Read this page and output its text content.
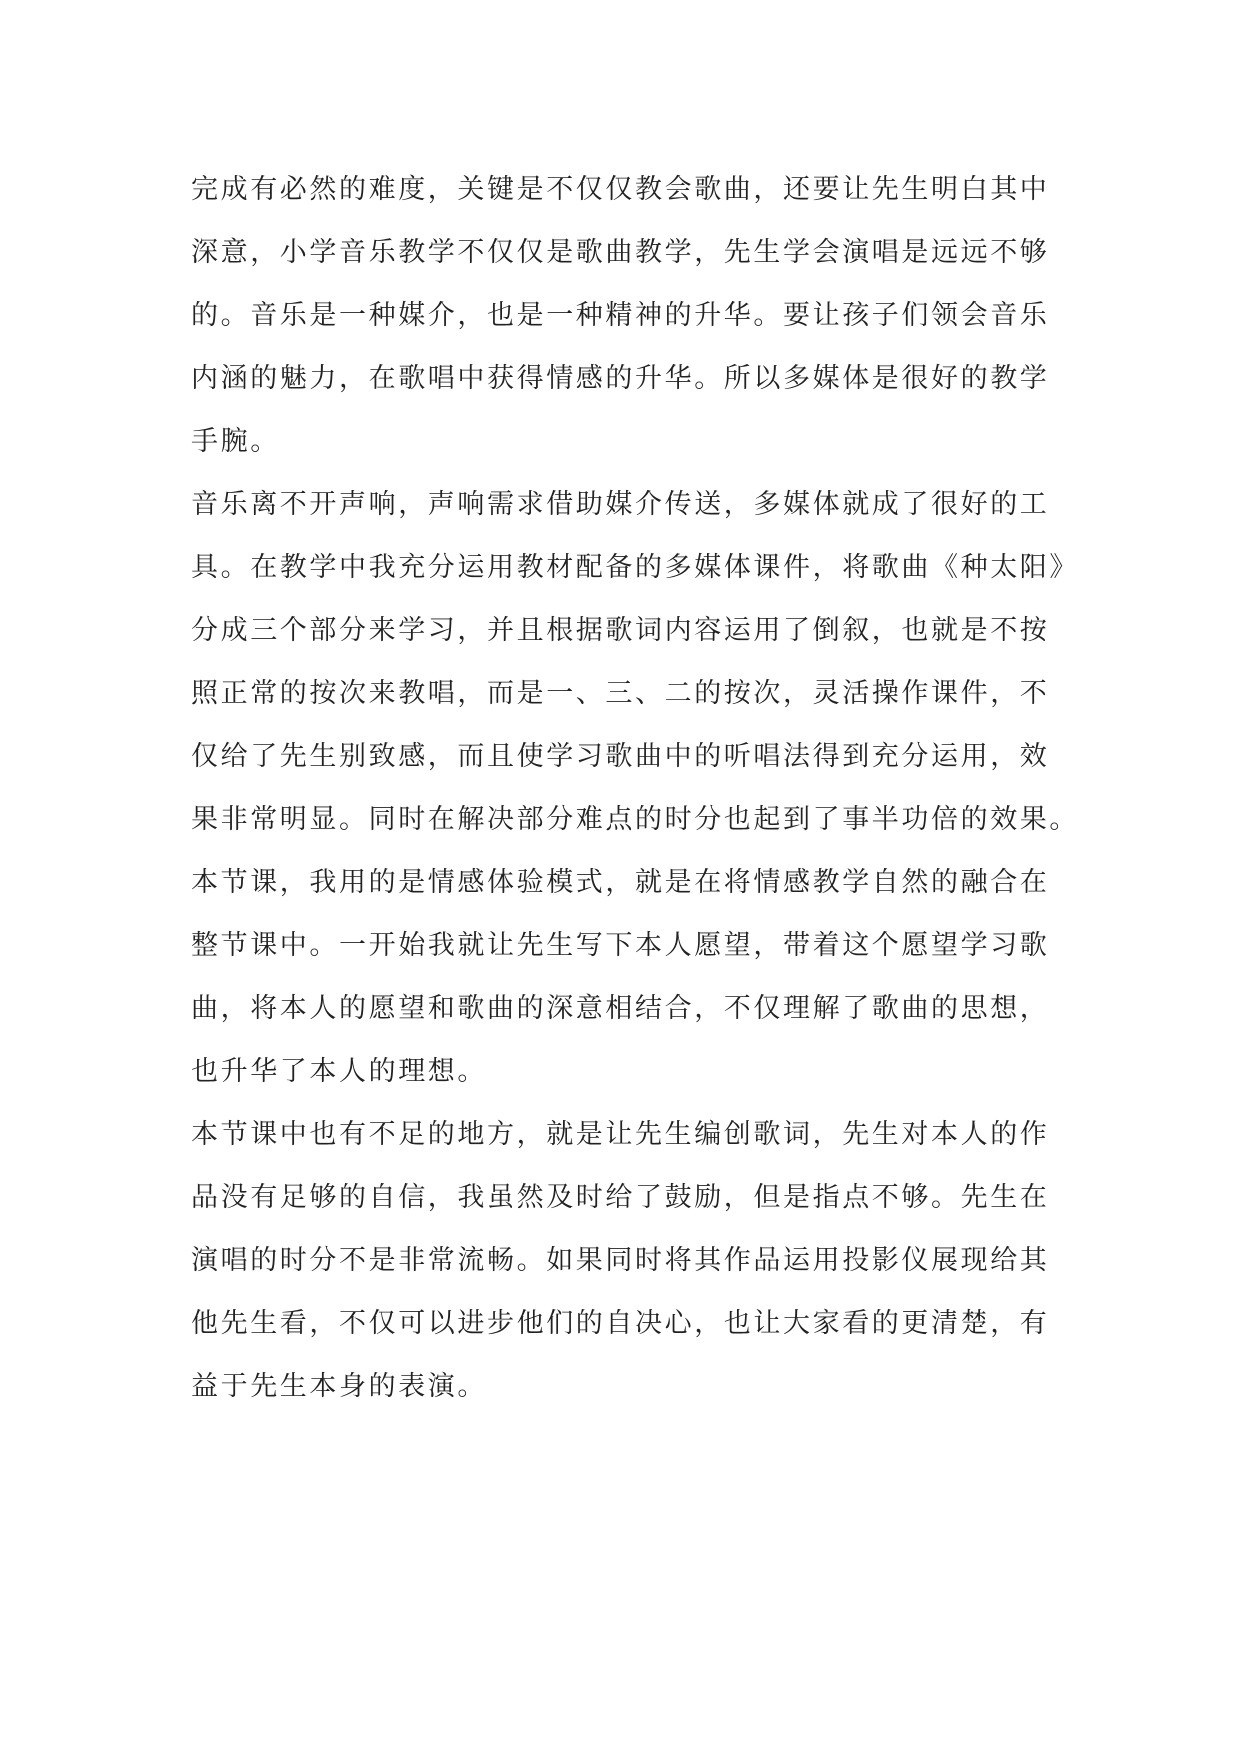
完成有必然的难度，关键是不仅仅教会歌曲，还要让先生明白其中

深意，小学音乐教学不仅仅是歌曲教学，先生学会演唱是远远不够

的。音乐是一种媒介，也是一种精神的升华。要让孩子们领会音乐

内涵的魅力，在歌唱中获得情感的升华。所以多媒体是很好的教学

手腕。

音乐离不开声响，声响需求借助媒介传送，多媒体就成了很好的工

具。在教学中我充分运用教材配备的多媒体课件，将歌曲《种太阳》

分成三个部分来学习，并且根据歌词内容运用了倒叙，也就是不按

照正常的按次来教唱，而是一、三、二的按次，灵活操作课件，不

仅给了先生别致感，而且使学习歌曲中的听唱法得到充分运用，效

果非常明显。同时在解决部分难点的时分也起到了事半功倍的效果。

本节课，我用的是情感体验模式，就是在将情感教学自然的融合在

整节课中。一开始我就让先生写下本人愿望，带着这个愿望学习歌

曲，将本人的愿望和歌曲的深意相结合，不仅理解了歌曲的思想，

也升华了本人的理想。

本节课中也有不足的地方，就是让先生编创歌词，先生对本人的作

品没有足够的自信，我虽然及时给了鼓励，但是指点不够。先生在

演唱的时分不是非常流畅。如果同时将其作品运用投影仪展现给其

他先生看，不仅可以进步他们的自决心，也让大家看的更清楚，有

益于先生本身的表演。
